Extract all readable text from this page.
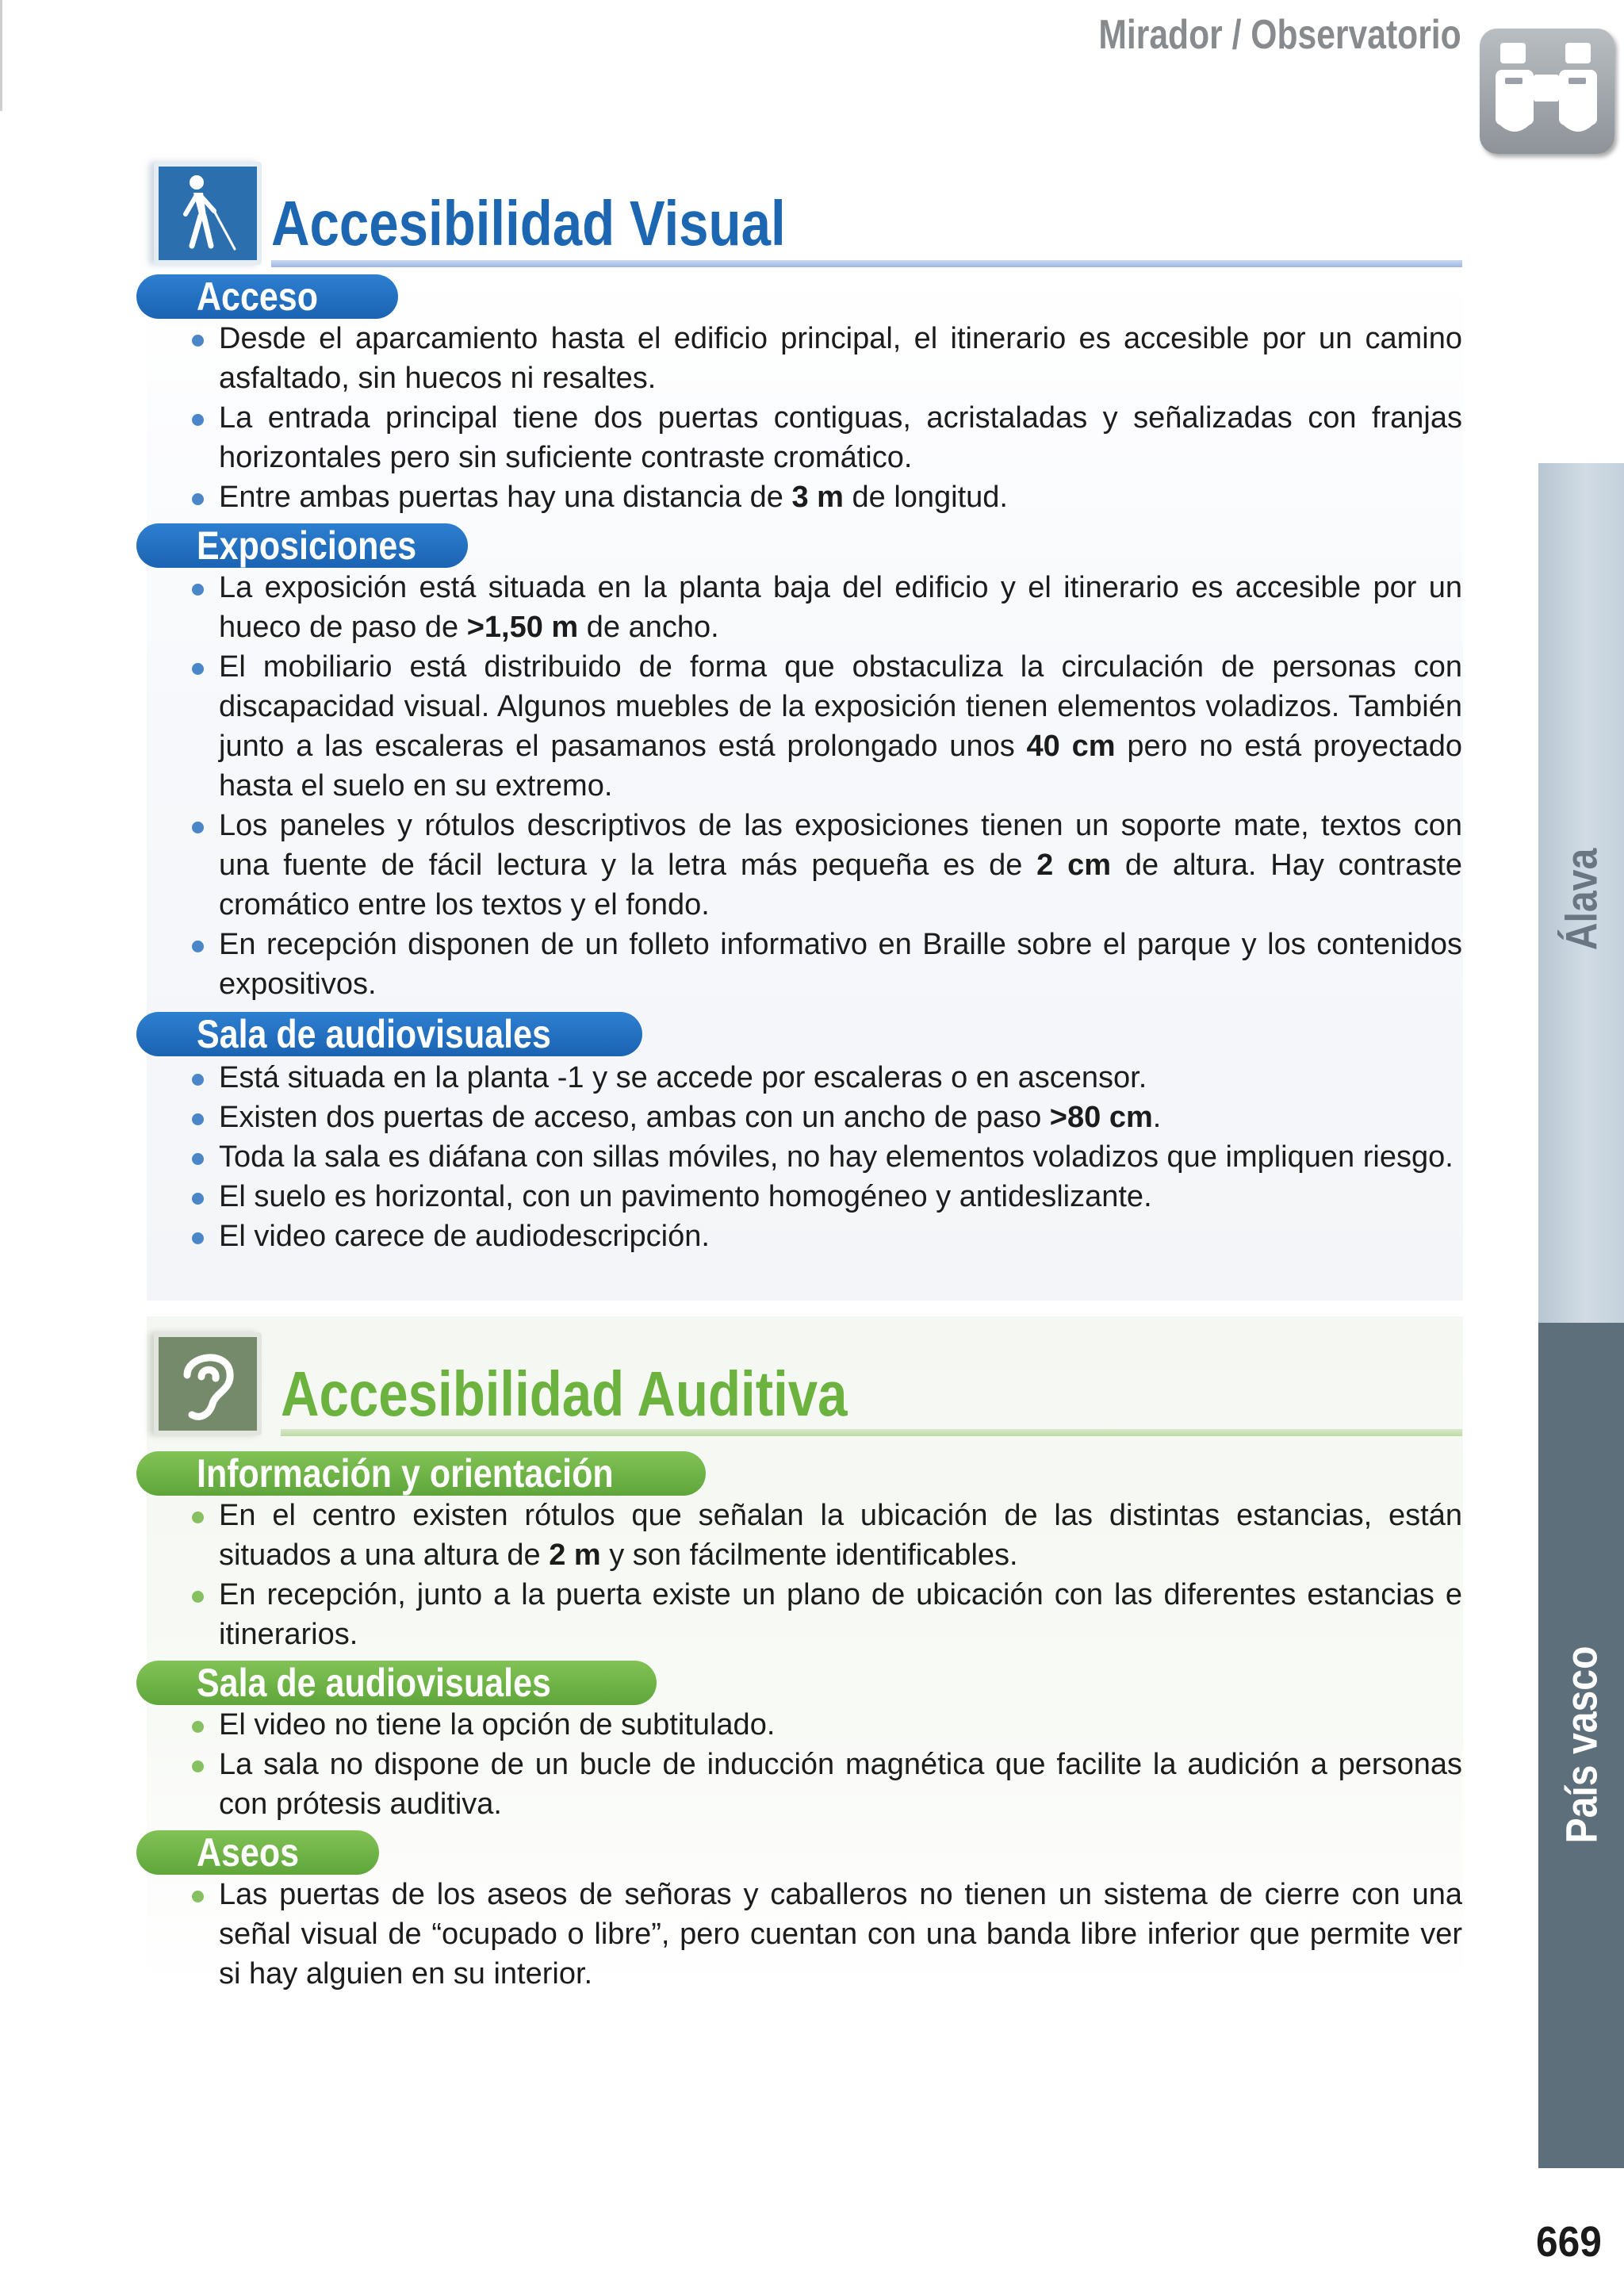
Mirador / Observatorio
Accesibilidad Visual
Acceso
Desde el aparcamiento hasta el edificio principal, el itinerario es accesible por un camino asfaltado, sin huecos ni resaltes.
La entrada principal tiene dos puertas contiguas, acristaladas y señalizadas con franjas horizontales pero sin suficiente contraste cromático.
Entre ambas puertas hay una distancia de 3 m de longitud.
Exposiciones
La exposición está situada en la planta baja del edificio y el itinerario es accesible por un hueco de paso de >1,50 m de ancho.
El mobiliario está distribuido de forma que obstaculiza la circulación de personas con discapacidad visual. Algunos muebles de la exposición tienen elementos voladizos. También junto a las escaleras el pasamanos está prolongado unos 40 cm pero no está proyectado hasta el suelo en su extremo.
Los paneles y rótulos descriptivos de las exposiciones tienen un soporte mate, textos con una fuente de fácil lectura y la letra más pequeña es de 2 cm de altura. Hay contraste cromático entre los textos y el fondo.
En recepción disponen de un folleto informativo en Braille sobre el parque y los contenidos expositivos.
Sala de audiovisuales
Está situada en la planta -1 y se accede por escaleras o en ascensor.
Existen dos puertas de acceso, ambas con un ancho de paso >80 cm.
Toda la sala es diáfana con sillas móviles, no hay elementos voladizos que impliquen riesgo.
El suelo es horizontal, con un pavimento homogéneo y antideslizante.
El video carece de audiodescripción.
Accesibilidad Auditiva
Información y orientación
En el centro existen rótulos que señalan la ubicación de las distintas estancias, están situados a una altura de 2 m y son fácilmente identificables.
En recepción, junto a la puerta existe un plano de ubicación con las diferentes estancias e itinerarios.
Sala de audiovisuales
El video no tiene la opción de subtitulado.
La sala no dispone de un bucle de inducción magnética que facilite la audición a personas con prótesis auditiva.
Aseos
Las puertas de los aseos de señoras y caballeros no tienen un sistema de cierre con una señal visual de “ocupado o libre”, pero cuentan con una banda libre inferior que permite ver si hay alguien en su interior.
Álava
País vasco
669
